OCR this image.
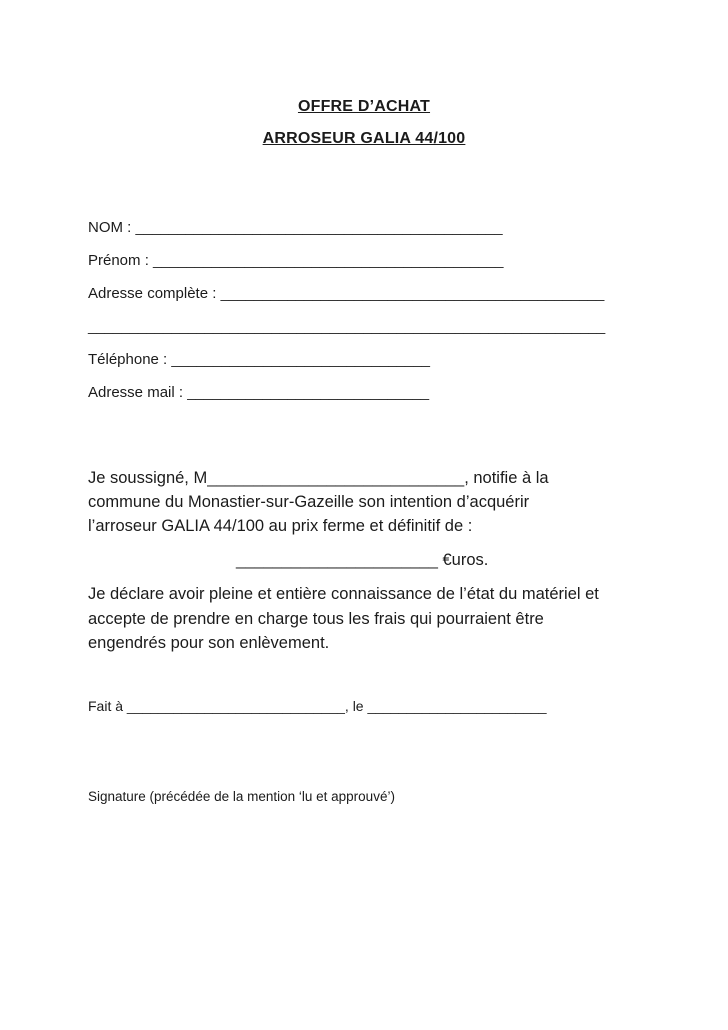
OFFRE D’ACHAT
ARROSEUR GALIA 44/100
NOM : ____________________________________________
Prénom : __________________________________________
Adresse complète : ______________________________________________
______________________________________________________________
Téléphone : _______________________________
Adresse mail : _____________________________
Je soussigné, M____________________________, notifie à la
commune du Monastier-sur-Gazeille son intention d’acquérir
l’arroseur GALIA 44/100 au prix ferme et définitif de :
______________________ €uros.
Je déclare avoir pleine et entière connaissance de l’état du matériel et
accepte de prendre en charge tous les frais qui pourraient être
engendrés pour son enlèvement.
Fait à ____________________________, le _______________________
Signature (précédée de la mention ‘lu et approuvé’)
